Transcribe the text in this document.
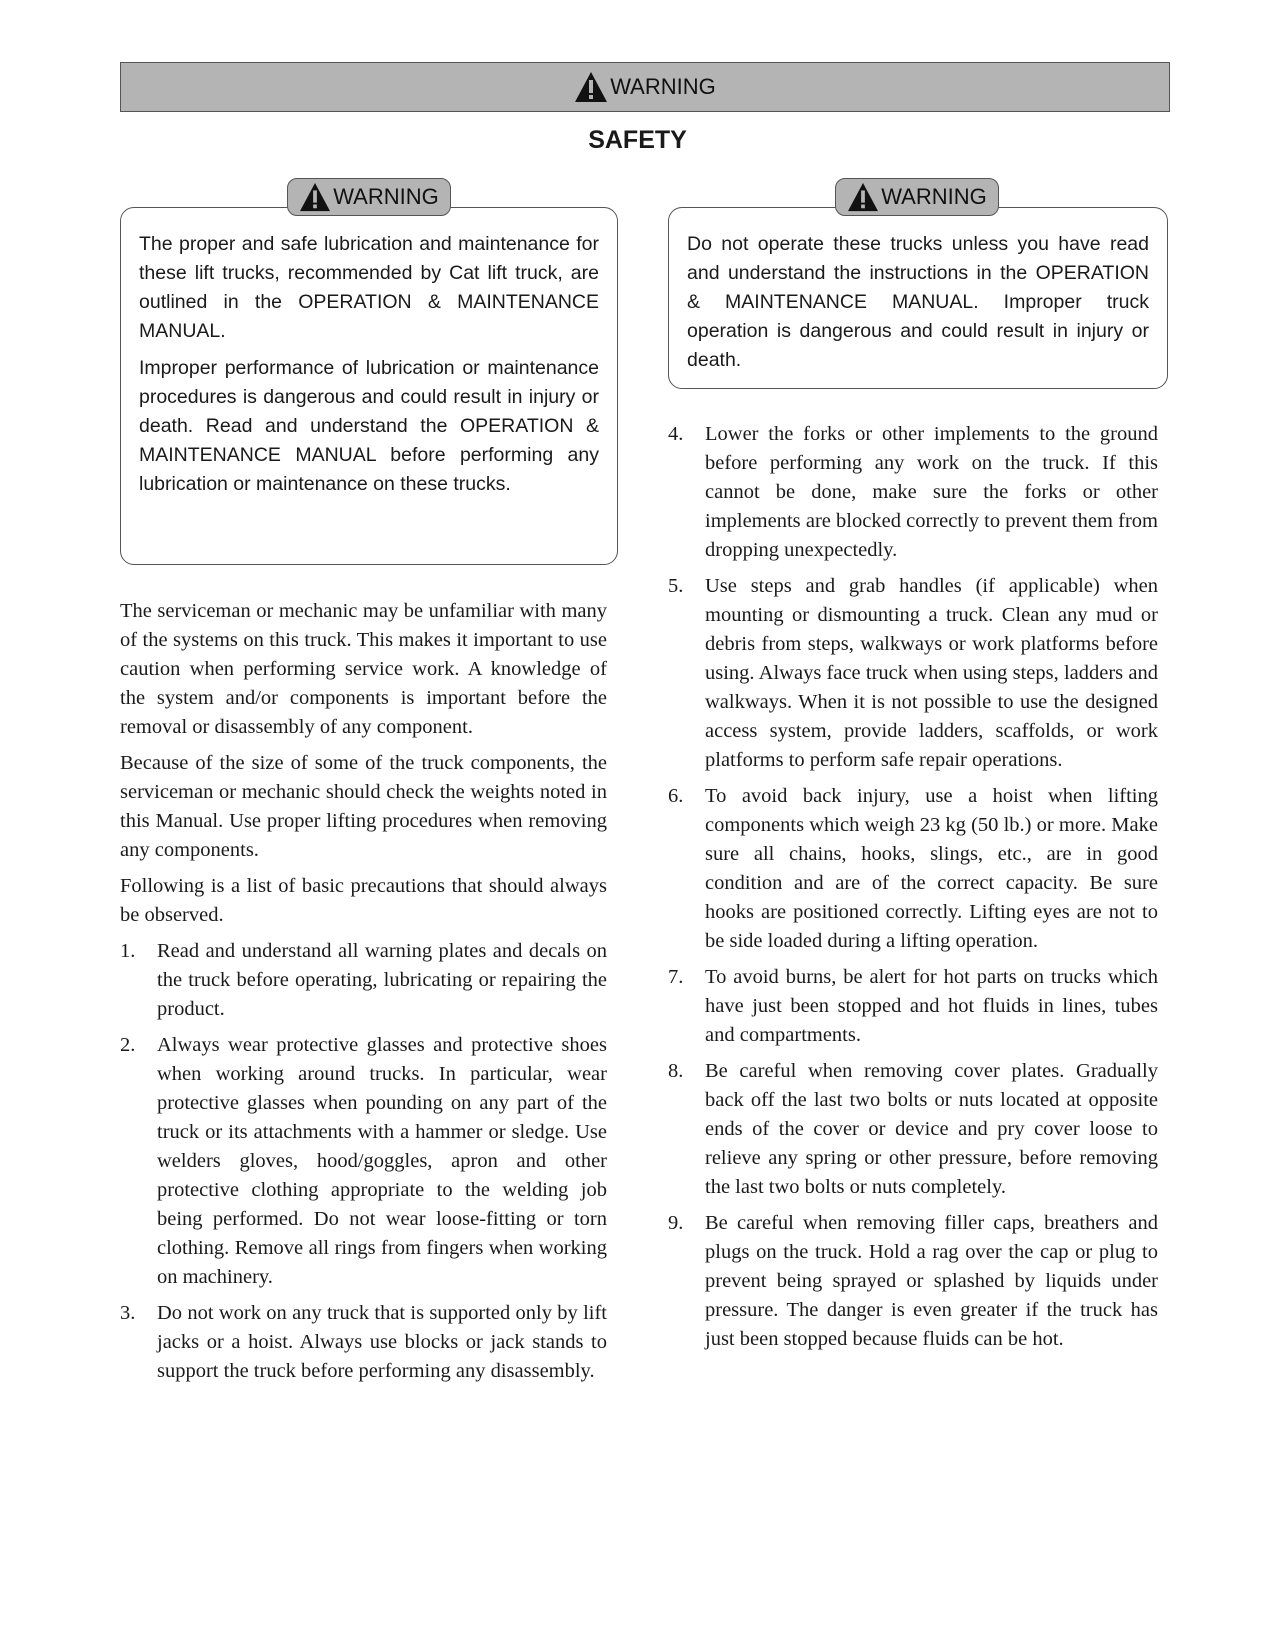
WARNING
SAFETY

The proper and safe lubrication and maintenance for these lift trucks, recommended by Cat lift truck, are outlined in the OPERATION & MAINTENANCE MANUAL.

Improper performance of lubrication or maintenance procedures is dangerous and could result in injury or death. Read and understand the OPERATION & MAINTENANCE MANUAL before performing any lubrication or maintenance on these trucks.

WARNING

Do not operate these trucks unless you have read and understand the instructions in the OPERATION & MAINTENANCE MANUAL. Improper truck operation is dangerous and could result in injury or death.

WARNING

The serviceman or mechanic may be unfamiliar with many of the systems on this truck. This makes it important to use caution when performing service work. A knowledge of the system and/or components is important before the removal or disassembly of any component.

Because of the size of some of the truck components, the serviceman or mechanic should check the weights noted in this Manual. Use proper lifting procedures when removing any components.

Following is a list of basic precautions that should always be observed.

1. Read and understand all warning plates and decals on the truck before operating, lubricating or repairing the product.
2. Always wear protective glasses and protective shoes when working around trucks. In particular, wear protective glasses when pounding on any part of the truck or its attachments with a hammer or sledge. Use welders gloves, hood/goggles, apron and other protective clothing appropriate to the welding job being performed. Do not wear loose-fitting or torn clothing. Remove all rings from fingers when working on machinery.
3. Do not work on any truck that is supported only by lift jacks or a hoist. Always use blocks or jack stands to support the truck before performing any disassembly.
4. Lower the forks or other implements to the ground before performing any work on the truck. If this cannot be done, make sure the forks or other implements are blocked correctly to prevent them from dropping unexpectedly.
5. Use steps and grab handles (if applicable) when mounting or dismounting a truck. Clean any mud or debris from steps, walkways or work platforms before using. Always face truck when using steps, ladders and walkways. When it is not possible to use the designed access system, provide ladders, scaffolds, or work platforms to perform safe repair operations.
6. To avoid back injury, use a hoist when lifting components which weigh 23 kg (50 lb.) or more. Make sure all chains, hooks, slings, etc., are in good condition and are of the correct capacity. Be sure hooks are positioned correctly. Lifting eyes are not to be side loaded during a lifting operation.
7. To avoid burns, be alert for hot parts on trucks which have just been stopped and hot fluids in lines, tubes and compartments.
8. Be careful when removing cover plates. Gradually back off the last two bolts or nuts located at opposite ends of the cover or device and pry cover loose to relieve any spring or other pressure, before removing the last two bolts or nuts completely.
9. Be careful when removing filler caps, breathers and plugs on the truck. Hold a rag over the cap or plug to prevent being sprayed or splashed by liquids under pressure. The danger is even greater if the truck has just been stopped because fluids can be hot.
